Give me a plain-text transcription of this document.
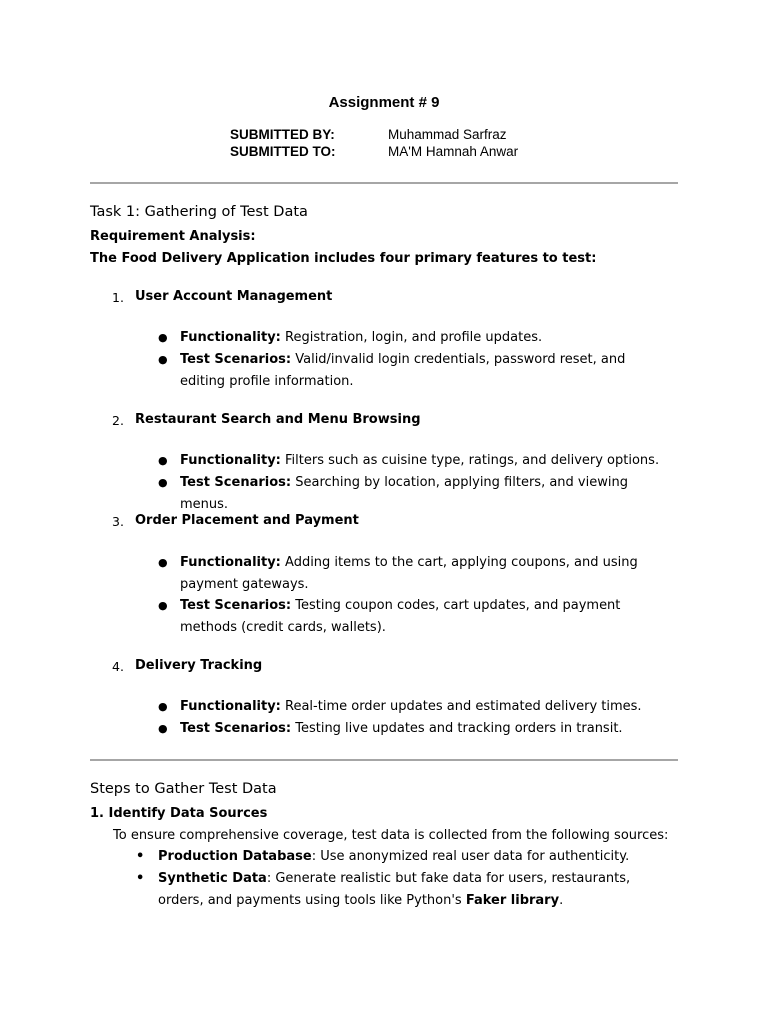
Assignment # 9
SUBMITTED BY:	Muhammad Sarfraz
SUBMITTED TO:	MA'M Hamnah Anwar
Task 1: Gathering of Test Data
Requirement Analysis:
The Food Delivery Application includes four primary features to test:
1. User Account Management
● Functionality: Registration, login, and profile updates.
● Test Scenarios: Valid/invalid login credentials, password reset, and editing profile information.
2. Restaurant Search and Menu Browsing
● Functionality: Filters such as cuisine type, ratings, and delivery options.
● Test Scenarios: Searching by location, applying filters, and viewing menus.
3. Order Placement and Payment
● Functionality: Adding items to the cart, applying coupons, and using payment gateways.
● Test Scenarios: Testing coupon codes, cart updates, and payment methods (credit cards, wallets).
4. Delivery Tracking
● Functionality: Real-time order updates and estimated delivery times.
● Test Scenarios: Testing live updates and tracking orders in transit.
Steps to Gather Test Data
1. Identify Data Sources
To ensure comprehensive coverage, test data is collected from the following sources:
• Production Database: Use anonymized real user data for authenticity.
• Synthetic Data: Generate realistic but fake data for users, restaurants, orders, and payments using tools like Python's Faker library.
